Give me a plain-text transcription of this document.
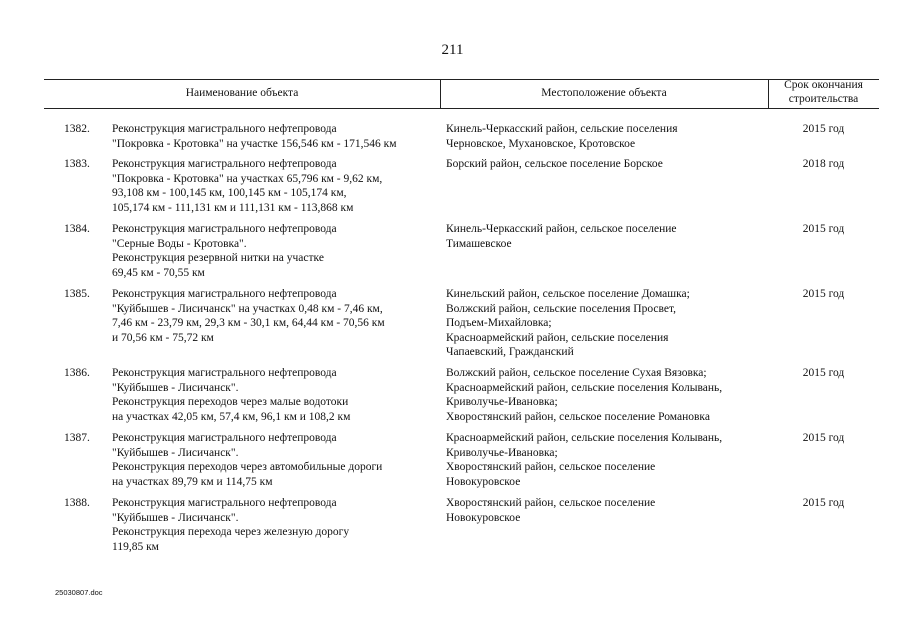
211
Наименование объекта	Местоположение объекта
Срок окончания
строительства
1382. Реконструкция магистрального нефтепровода
"Покровка - Кротовка" на участке 156,546 км - 171,546 км
Кинель-Черкасский район, сельские поселения
Черновское, Мухановское, Кротовское
2015 год
1383. Реконструкция магистрального нефтепровода
"Покровка - Кротовка" на участках 65,796 км - 9,62 км,
93,108 км - 100,145 км, 100,145 км - 105,174 км,
105,174 км - 111,131 км и 111,131 км - 113,868 км
Борский район, сельское поселение Борское	2018 год
1384. Реконструкция магистрального нефтепровода
"Серные Воды - Кротовка".
Реконструкция резервной нитки на участке
69,45 км - 70,55 км
Кинель-Черкасский район, сельское поселение
Тимашевское
2015 год
1385. Реконструкция магистрального нефтепровода
"Куйбышев - Лисичанск" на участках 0,48 км - 7,46 км,
7,46 км - 23,79 км, 29,3 км - 30,1 км, 64,44 км - 70,56 км
и 70,56 км - 75,72 км
Кинельский район, сельское поселение Домашка;
Волжский район, сельские поселения Просвет,
Подъем-Михайловка;
Красноармейский район, сельские поселения
Чапаевский, Гражданский
2015 год
1386. Реконструкция магистрального нефтепровода
"Куйбышев - Лисичанск".
Реконструкция переходов через малые водотоки
на участках 42,05 км, 57,4 км, 96,1 км и 108,2 км
Волжский район, сельское поселение Сухая Вязовка;
Красноармейский район, сельские поселения Колывань,
Криволучье-Ивановка;
Хворостянский район, сельское поселение Романовка
2015 год
1387. Реконструкция магистрального нефтепровода
"Куйбышев - Лисичанск".
Реконструкция переходов через автомобильные дороги
на участках 89,79 км и 114,75 км
Красноармейский район, сельские поселения Колывань,
Криволучье-Ивановка;
Хворостянский район, сельское поселение
Новокуровское
2015 год
1388. Реконструкция магистрального нефтепровода
"Куйбышев - Лисичанск".
Реконструкция перехода через железную дорогу
119,85 км
Хворостянский район, сельское поселение
Новокуровское
2015 год
25030807.doc
